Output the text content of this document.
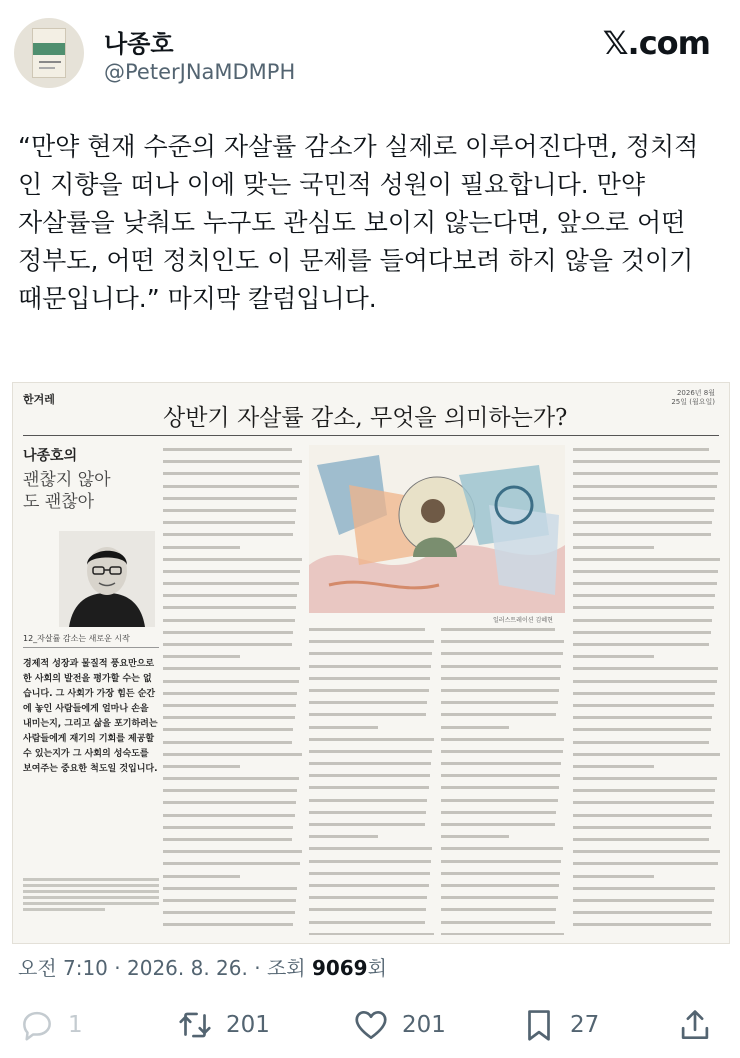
나종호
@PeterJNaMDMPH
𝕏.com
“만약 현재 수준의 자살률 감소가 실제로 이루어진다면, 정치적 인 지향을 떠나 이에 맞는 국민적 성원이 필요합니다. 만약 자살률을 낮춰도 누구도 관심도 보이지 않는다면, 앞으로 어떤 정부도, 어떤 정치인도 이 문제를 들여다보려 하지 않을 것이기 때문입니다.” 마지막 칼럼입니다.
한겨레	2026년 8월
25일 (월요일)
상반기 자살률 감소, 무엇을 의미하는가?
나종호의
괜찮지 않아도 괜찮아
12_자살률 감소는 새로운 시작
경제적 성장과 물질적 풍요만으로 한 사회의 발전을 평가할 수는 없습니다. 그 사회가 가장 힘든 순간에 놓인 사람들에게 얼마나 손을 내미는지, 그리고 삶을 포기하려는 사람들에게 재기의 기회를 제공할 수 있는지가 그 사회의 성숙도를 보여주는 중요한 척도일 것입니다.
일러스트레이션 김혜현
오전 7:10 · 2026. 8. 26. · 조회 9069회
1	201	201	27
